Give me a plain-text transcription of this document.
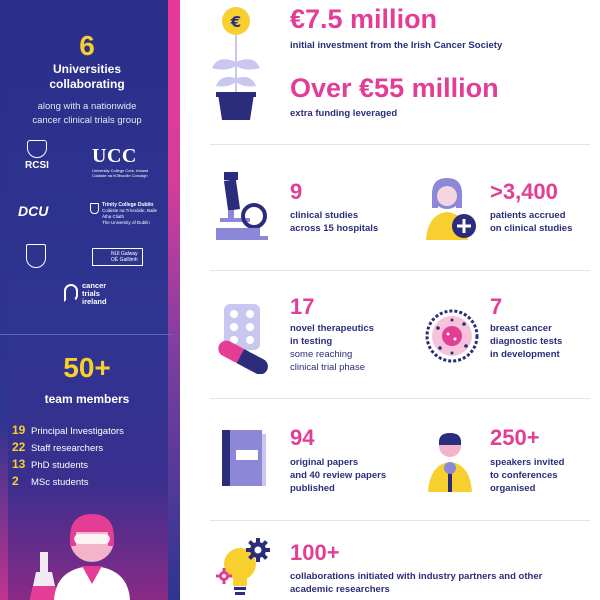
6
Universities
collaborating
along with a nationwide
cancer clinical trials group
RCSI UCC
University College Cork, Ireland
Coláiste na hOllscoile Corcaigh
DCU	Trinity College Dublin
Coláiste na Tríonóide, Baile Átha Cliath
The University of Dublin
NUI Galway
OÉ Gaillimh
cancer
trials
ireland
50+
team members
19 Principal Investigators
22 Staff researchers
13 PhD students
2	MSc students
€ €7.5 million
initial investment from the Irish Cancer Society
Over €55 million
extra funding leveraged
9
clinical studies
across 15 hospitals
>3,400
patients accrued
on clinical studies
17
novel therapeutics
in testing
some reaching
clinical trial phase
7
breast cancer
diagnostic tests
in development
94
original papers
and 40 review papers
published
250+
speakers invited
to conferences
organised
100+
collaborations initiated with industry partners and other
academic researchers
